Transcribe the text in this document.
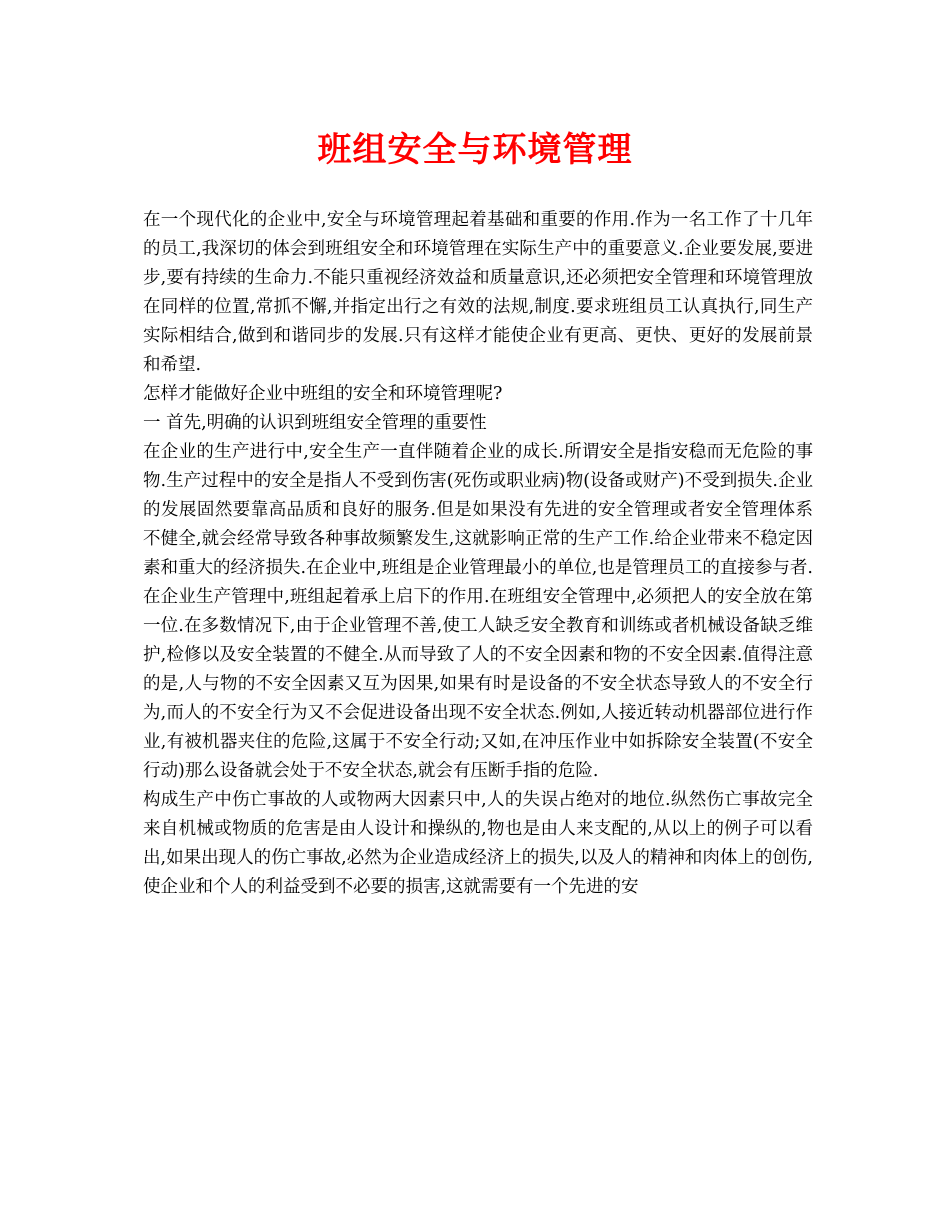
班组安全与环境管理

在一个现代化的企业中,安全与环境管理起着基础和重要的作用.作为一名工作了十几年的员工,我深切的体会到班组安全和环境管理在实际生产中的重要意义.企业要发展,要进步,要有持续的生命力.不能只重视经济效益和质量意识,还必须把安全管理和环境管理放在同样的位置,常抓不懈,并指定出行之有效的法规,制度.要求班组员工认真执行,同生产实际相结合,做到和谐同步的发展.只有这样才能使企业有更高、更快、更好的发展前景和希望.

怎样才能做好企业中班组的安全和环境管理呢?

一 首先,明确的认识到班组安全管理的重要性

在企业的生产进行中,安全生产一直伴随着企业的成长.所谓安全是指安稳而无危险的事物.生产过程中的安全是指人不受到伤害(死伤或职业病)物(设备或财产)不受到损失.企业的发展固然要靠高品质和良好的服务.但是如果没有先进的安全管理或者安全管理体系不健全,就会经常导致各种事故频繁发生,这就影响正常的生产工作.给企业带来不稳定因素和重大的经济损失.在企业中,班组是企业管理最小的单位,也是管理员工的直接参与者.在企业生产管理中,班组起着承上启下的作用.在班组安全管理中,必须把人的安全放在第一位.在多数情况下,由于企业管理不善,使工人缺乏安全教育和训练或者机械设备缺乏维护,检修以及安全装置的不健全.从而导致了人的不安全因素和物的不安全因素.值得注意的是,人与物的不安全因素又互为因果,如果有时是设备的不安全状态导致人的不安全行为,而人的不安全行为又不会促进设备出现不安全状态.例如,人接近转动机器部位进行作业,有被机器夹住的危险,这属于不安全行动;又如,在冲压作业中如拆除安全装置(不安全行动)那么设备就会处于不安全状态,就会有压断手指的危险.

构成生产中伤亡事故的人或物两大因素只中,人的失误占绝对的地位.纵然伤亡事故完全来自机械或物质的危害是由人设计和操纵的,物也是由人来支配的,从以上的例子可以看出,如果出现人的伤亡事故,必然为企业造成经济上的损失,以及人的精神和肉体上的创伤,使企业和个人的利益受到不必要的损害,这就需要有一个先进的安
